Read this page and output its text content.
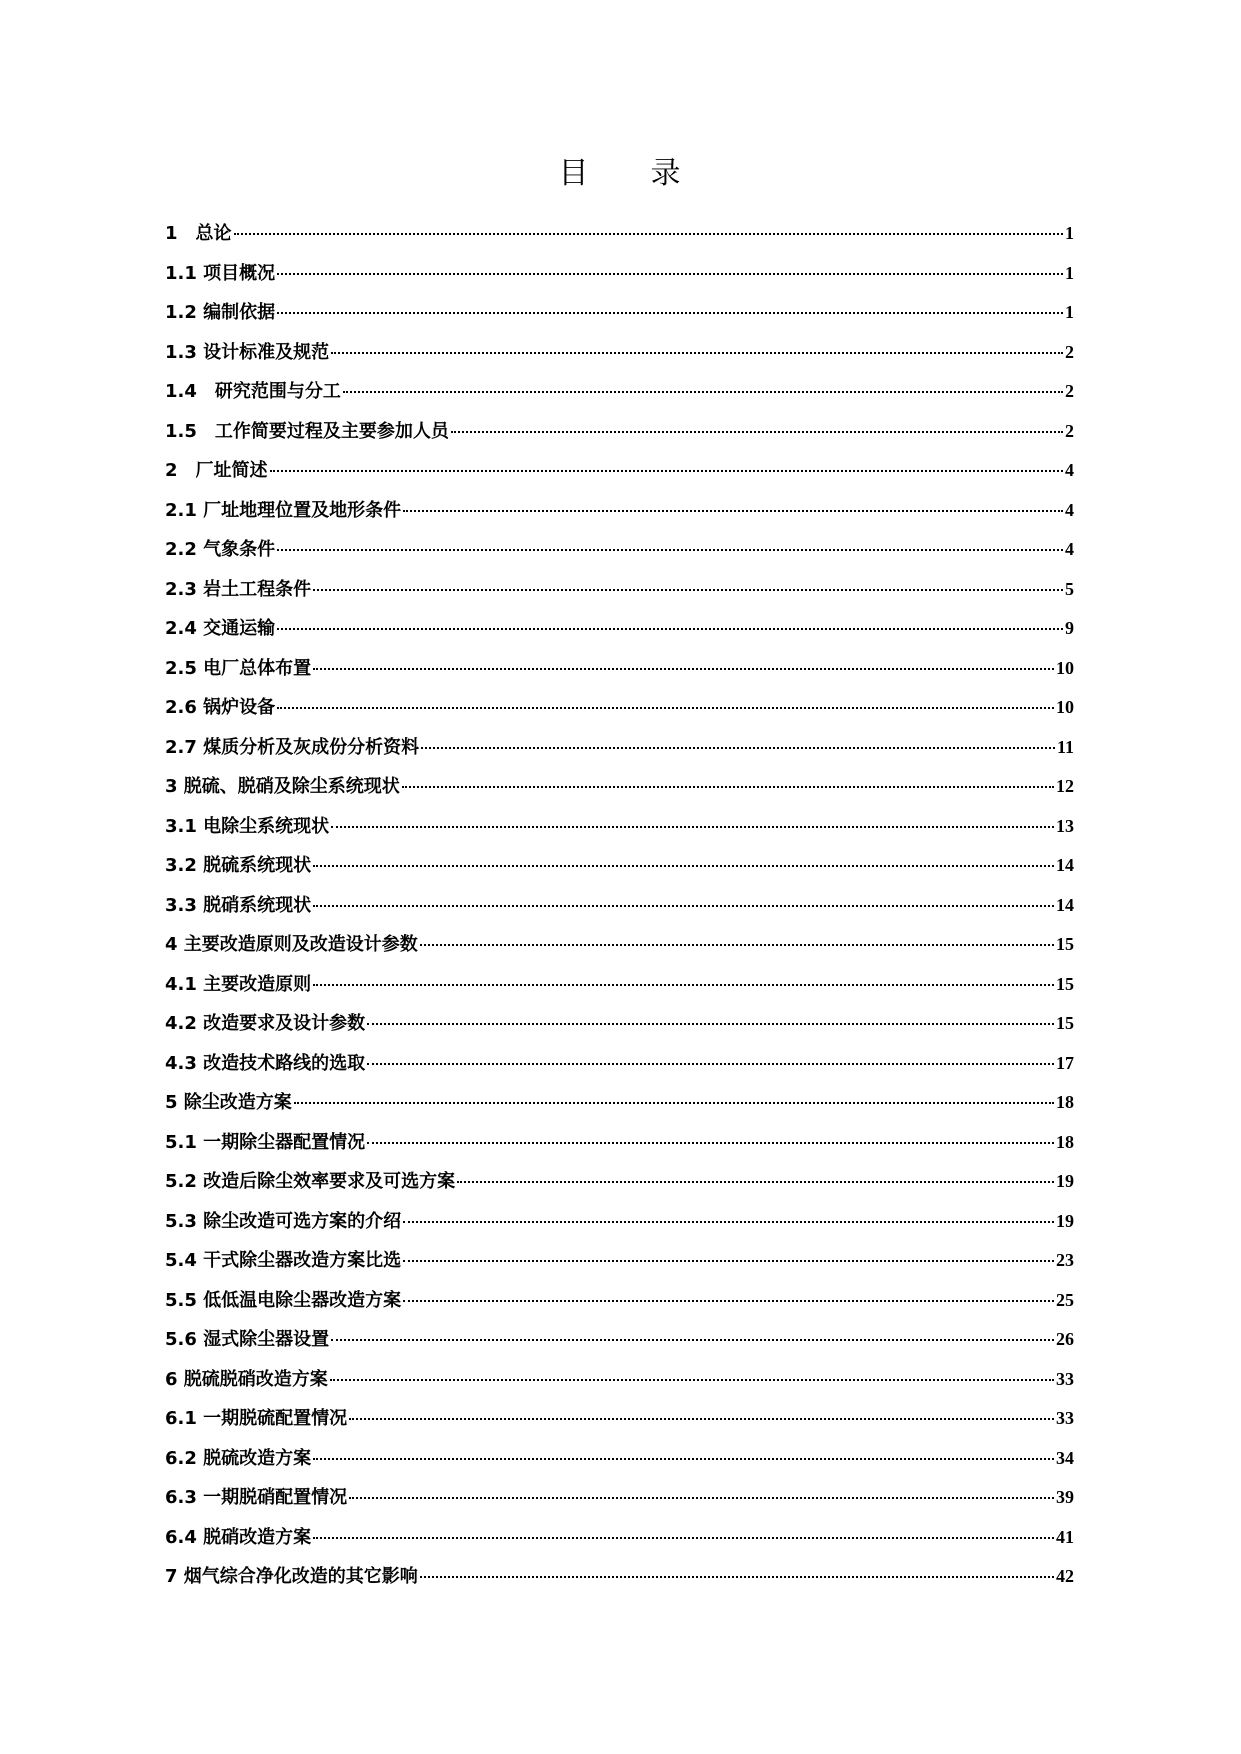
目 录
1　总论	1
1.1 项目概况	1
1.2 编制依据	1
1.3 设计标准及规范	2
1.4　研究范围与分工	2
1.5　工作简要过程及主要参加人员	2
2　厂址简述	4
2.1 厂址地理位置及地形条件	4
2.2 气象条件	4
2.3 岩土工程条件	5
2.4 交通运输	9
2.5 电厂总体布置	10
2.6 锅炉设备	10
2.7 煤质分析及灰成份分析资料	11
3 脱硫、脱硝及除尘系统现状	12
3.1 电除尘系统现状	13
3.2 脱硫系统现状	14
3.3 脱硝系统现状	14
4 主要改造原则及改造设计参数	15
4.1 主要改造原则	15
4.2 改造要求及设计参数	15
4.3 改造技术路线的选取	17
5 除尘改造方案	18
5.1 一期除尘器配置情况	18
5.2 改造后除尘效率要求及可选方案	19
5.3 除尘改造可选方案的介绍	19
5.4 干式除尘器改造方案比选	23
5.5 低低温电除尘器改造方案	25
5.6 湿式除尘器设置	26
6 脱硫脱硝改造方案	33
6.1 一期脱硫配置情况	33
6.2 脱硫改造方案	34
6.3 一期脱硝配置情况	39
6.4 脱硝改造方案	41
7 烟气综合净化改造的其它影响	42
